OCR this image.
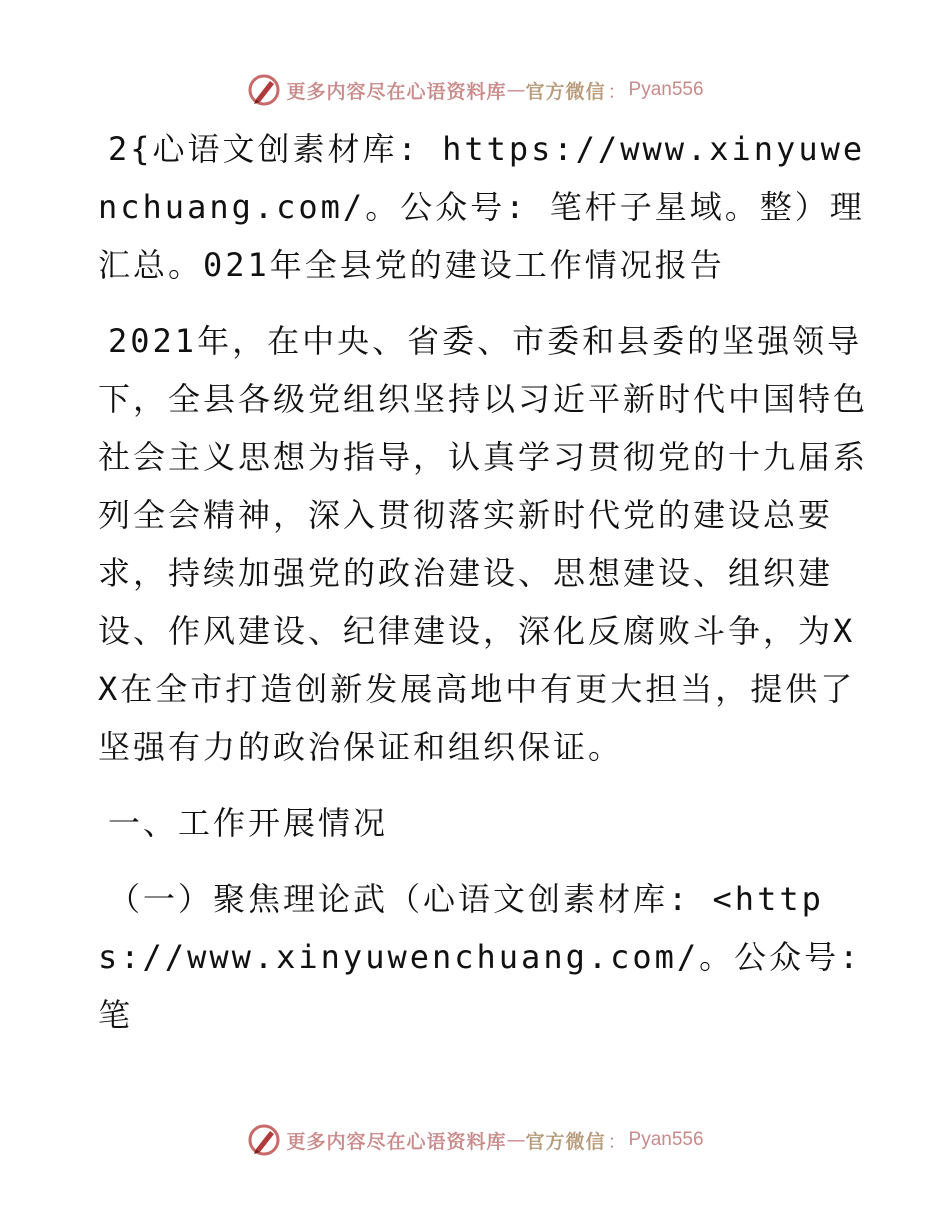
更多内容尽在心语资料库 — 官方微信 ： Pyan556

2{心语文创素材库: https://www.xinyuwenchuang.com/。公众号: 笔杆子星域。整）理汇总。021年全县党的建设工作情况报告

2021年，在中央、省委、市委和县委的坚强领导下，全县各级党组织坚持以习近平新时代中国特色社会主义思想为指导，认真学习贯彻党的十九届系列全会精神，深入贯彻落实新时代党的建设总要求，持续加强党的政治建设、思想建设、组织建设、作风建设、纪律建设，深化反腐败斗争，为XX在全市打造创新发展高地中有更大担当，提供了坚强有力的政治保证和组织保证。

一、工作开展情况

（一）聚焦理论武（心语文创素材库: <https://www.xinyuwenchuang.com/。公众号: 笔

更多内容尽在心语资料库 — 官方微信 ： Pyan556
